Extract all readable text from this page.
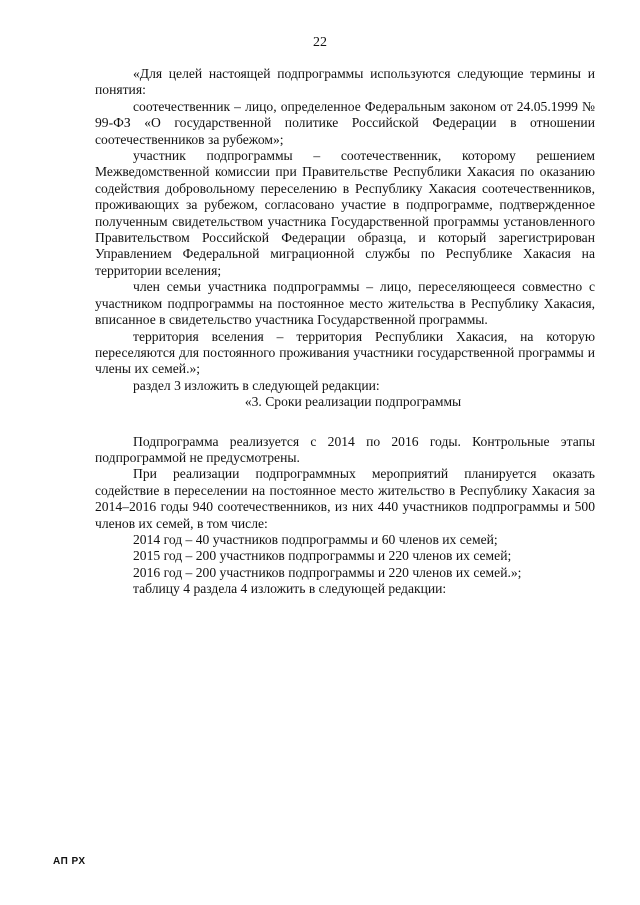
22

«Для целей настоящей подпрограммы используются следующие термины и понятия:

соотечественник – лицо, определенное Федеральным законом от 24.05.1999 № 99-ФЗ «О государственной политике Российской Федерации в отношении соотечественников за рубежом»;

участник подпрограммы – соотечественник, которому решением Межведомственной комиссии при Правительстве Республики Хакасия по оказанию содействия добровольному переселению в Республику Хакасия соотечественников, проживающих за рубежом, согласовано участие в подпрограмме, подтвержденное полученным свидетельством участника Государственной программы установленного Правительством Российской Федерации образца, и который зарегистрирован Управлением Федеральной миграционной службы по Республике Хакасия на территории вселения;

член семьи участника подпрограммы – лицо, переселяющееся совместно с участником подпрограммы на постоянное место жительства в Республику Хакасия, вписанное в свидетельство участника Государственной программы.

территория вселения – территория Республики Хакасия, на которую переселяются для постоянного проживания участники государственной программы и члены их семей.»;

раздел 3 изложить в следующей редакции:

«3. Сроки реализации подпрограммы

Подпрограмма реализуется с 2014 по 2016 годы. Контрольные этапы подпрограммой не предусмотрены.

При реализации подпрограммных мероприятий планируется оказать содействие в переселении на постоянное место жительство в Республику Хакасия за 2014–2016 годы 940 соотечественников, из них 440 участников подпрограммы и 500 членов их семей, в том числе:

2014 год – 40 участников подпрограммы и 60 членов их семей;

2015 год – 200 участников подпрограммы и 220 членов их семей;

2016 год – 200 участников подпрограммы и 220 членов их семей.»;

таблицу 4 раздела 4 изложить в следующей редакции:

АП РХ
